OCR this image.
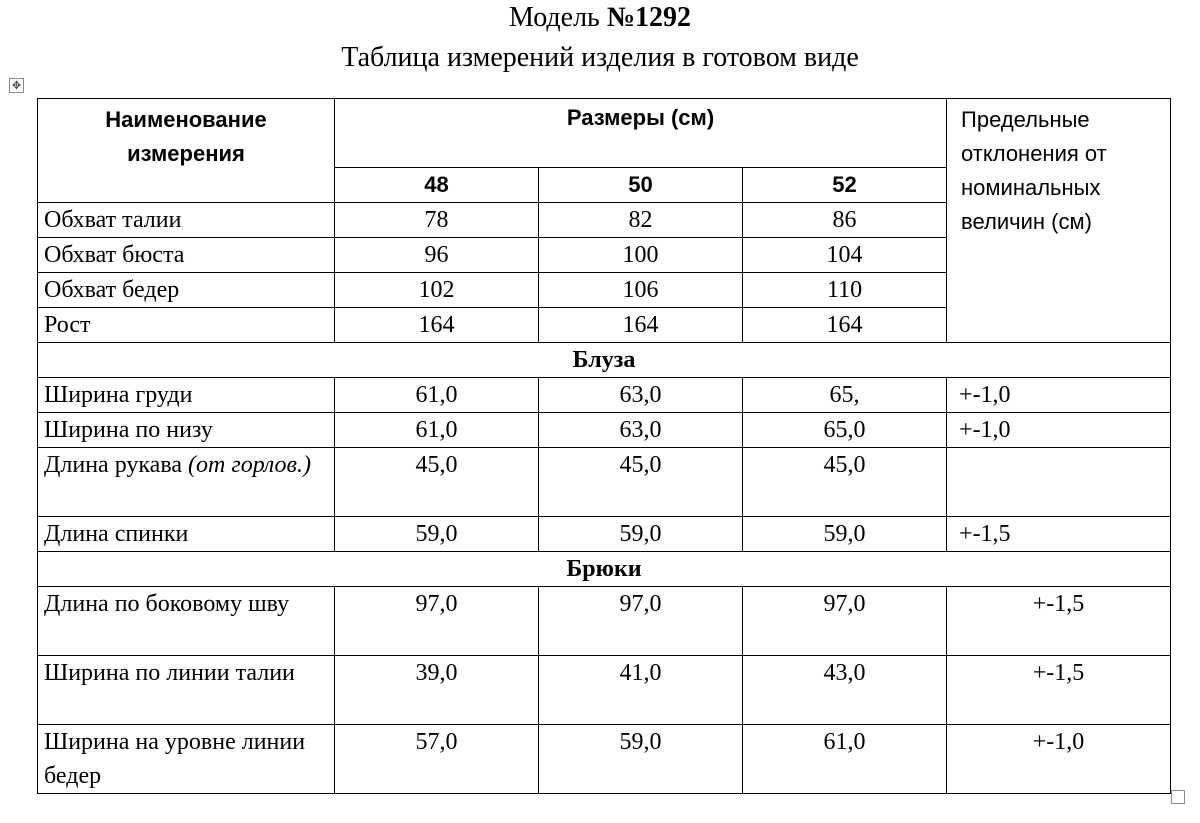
Модель №1292
Таблица измерений изделия в готовом виде
✥
Наименование измерения	Размеры (см)			Предельные отклонения от номинальных величин (см)
	48	50	52	
Обхват талии	78	82	86	
Обхват бюста	96	100	104	
Обхват бедер	102	106	110	
Рост	164	164	164	
Блуза				
Ширина груди	61,0	63,0	65,	+-1,0
Ширина по низу	61,0	63,0	65,0	+-1,0
Длина рукава (от горлов.)	45,0	45,0	45,0	
Длина спинки	59,0	59,0	59,0	+-1,5
Брюки				
Длина по боковому шву	97,0	97,0	97,0	+-1,5
Ширина по линии талии	39,0	41,0	43,0	+-1,5
Ширина на уровне линии бедер	57,0	59,0	61,0	+-1,0
